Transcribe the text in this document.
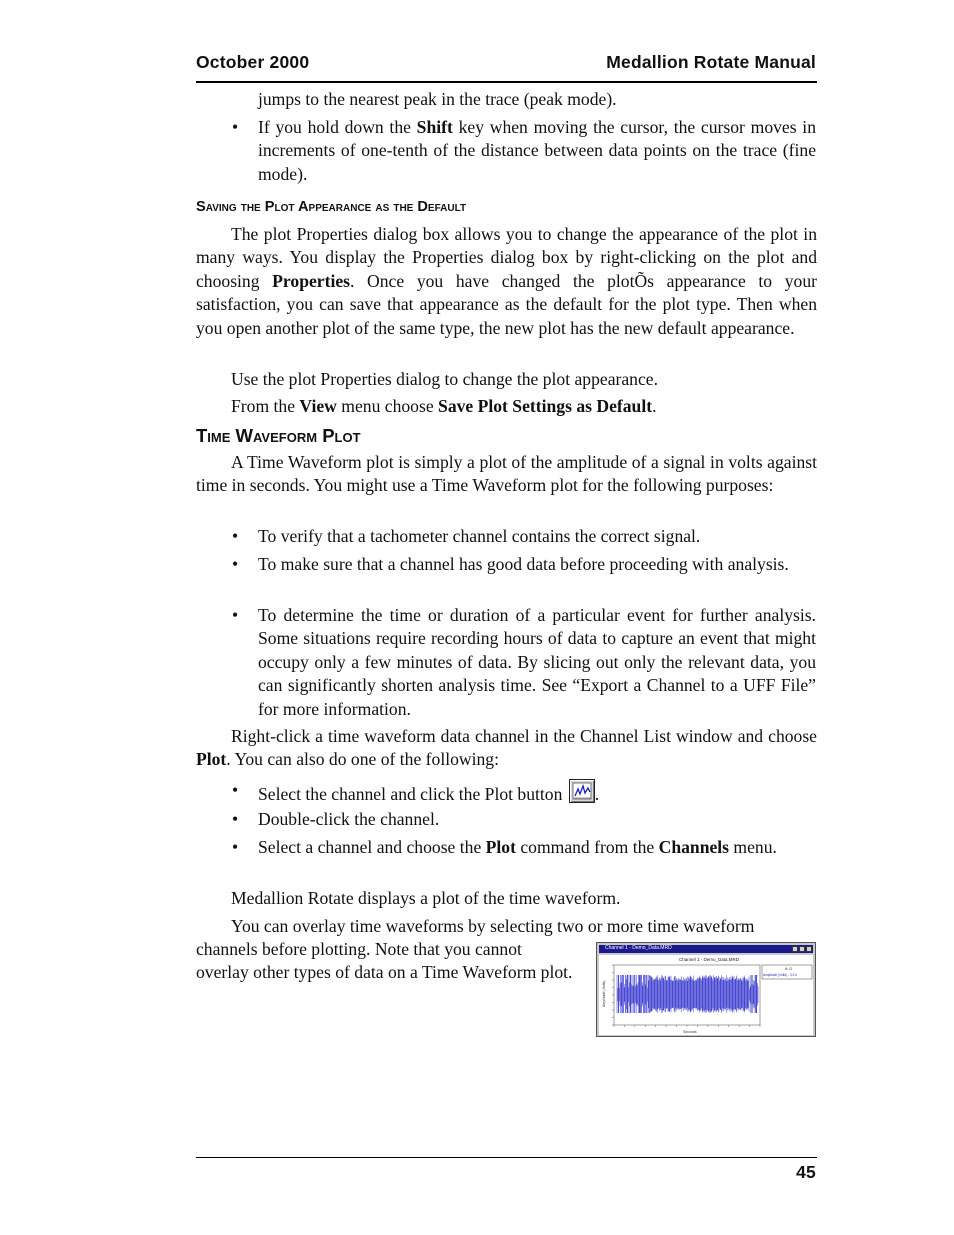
October 2000	Medallion Rotate Manual
jumps to the nearest peak in the trace (peak mode).
• If you hold down the Shift key when moving the cursor, the cursor moves in increments of one-tenth of the distance between data points on the trace (fine mode).

Saving the Plot Appearance as the Default

The plot Properties dialog box allows you to change the appearance of the plot in many ways. You display the Properties dialog box by right-clicking on the plot and choosing Properties. Once you have changed the plotÕs appearance to your satisfaction, you can save that appearance as the default for the plot type. Then when you open another plot of the same type, the new plot has the new default appearance.

Use the plot Properties dialog to change the plot appearance.

From the View menu choose Save Plot Settings as Default.

Time Waveform Plot

A Time Waveform plot is simply a plot of the amplitude of a signal in volts against time in seconds. You might use a Time Waveform plot for the following purposes:

• To verify that a tachometer channel contains the correct signal.

• To make sure that a channel has good data before proceeding with analysis.

• To determine the time or duration of a particular event for further analysis. Some situations require recording hours of data to capture an event that might occupy only a few minutes of data. By slicing out only the relevant data, you can significantly shorten analysis time. See “Export a Channel to a UFF File” for more information.

Right-click a time waveform data channel in the Channel List window and choose Plot. You can also do one of the following:

• Select the channel and click the Plot button
.

• Double-click the channel.

• Select a channel and choose the Plot command from the Channels menu.

Medallion Rotate displays a plot of the time waveform.

You can overlay time waveforms by selecting two or more time waveform

channels before plotting. Note that you cannot overlay other types of data on a Time Waveform plot.

Channel 1 - Demo_Data.MRD
Channel 1 - Demo_Data.MRD
Amplitude (Volts)
Seconds
A: G
Amplitude (Volts) - 3.2 k
45
